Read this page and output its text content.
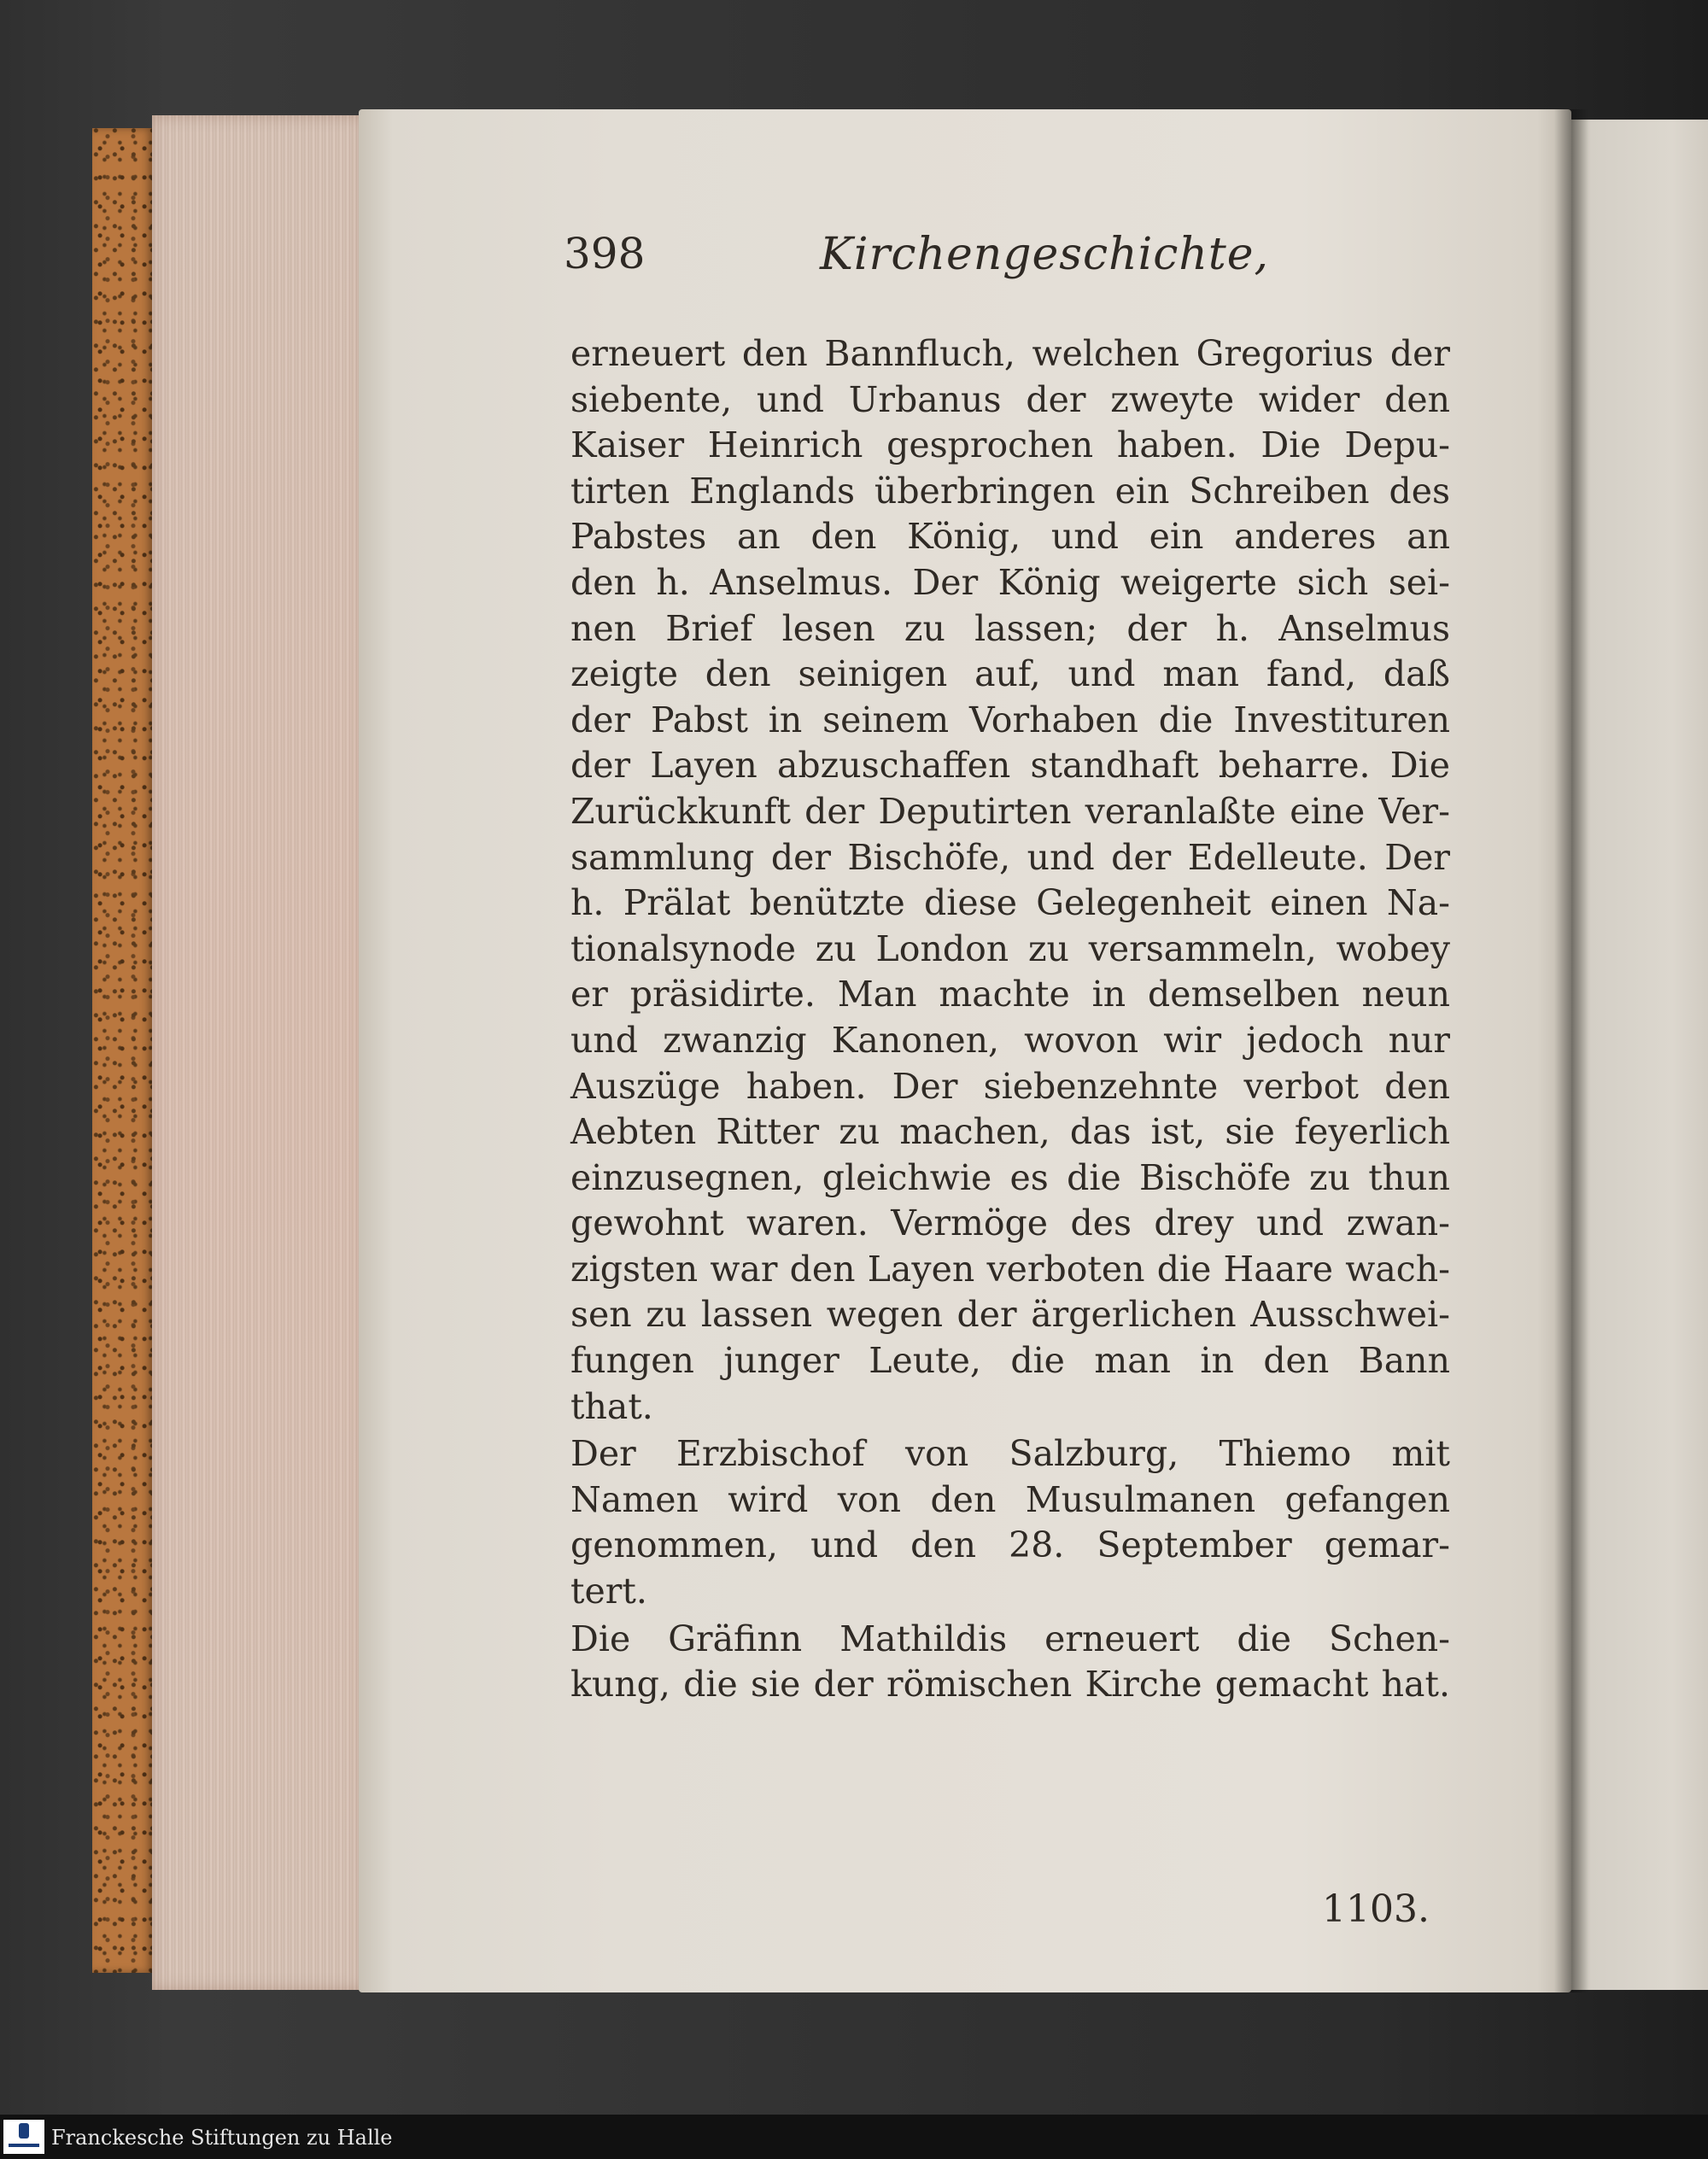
398	Kirchengeschichte,
erneuert den Bannfluch, welchen Gregorius der
siebente, und Urbanus der zweyte wider den
Kaiser Heinrich gesprochen haben. Die Depu-
tirten Englands überbringen ein Schreiben des
Pabstes an den König, und ein anderes an
den h. Anselmus. Der König weigerte sich sei-
nen Brief lesen zu lassen; der h. Anselmus
zeigte den seinigen auf, und man fand, daß
der Pabst in seinem Vorhaben die Investituren
der Layen abzuschaffen standhaft beharre. Die
Zurückkunft der Deputirten veranlaßte eine Ver-
sammlung der Bischöfe, und der Edelleute. Der
h. Prälat benützte diese Gelegenheit einen Na-
tionalsynode zu London zu versammeln, wobey
er präsidirte. Man machte in demselben neun
und zwanzig Kanonen, wovon wir jedoch nur
Auszüge haben. Der siebenzehnte verbot den
Aebten Ritter zu machen, das ist, sie feyerlich
einzusegnen, gleichwie es die Bischöfe zu thun
gewohnt waren. Vermöge des drey und zwan-
zigsten war den Layen verboten die Haare wach-
sen zu lassen wegen der ärgerlichen Ausschwei-
fungen junger Leute, die man in den Bann
that.
Der Erzbischof von Salzburg, Thiemo mit
Namen wird von den Musulmanen gefangen
genommen, und den 28. September gemar-
tert.
Die Gräfinn Mathildis erneuert die Schen-
kung, die sie der römischen Kirche gemacht hat.

1103.
Franckesche Stiftungen zu Halle
